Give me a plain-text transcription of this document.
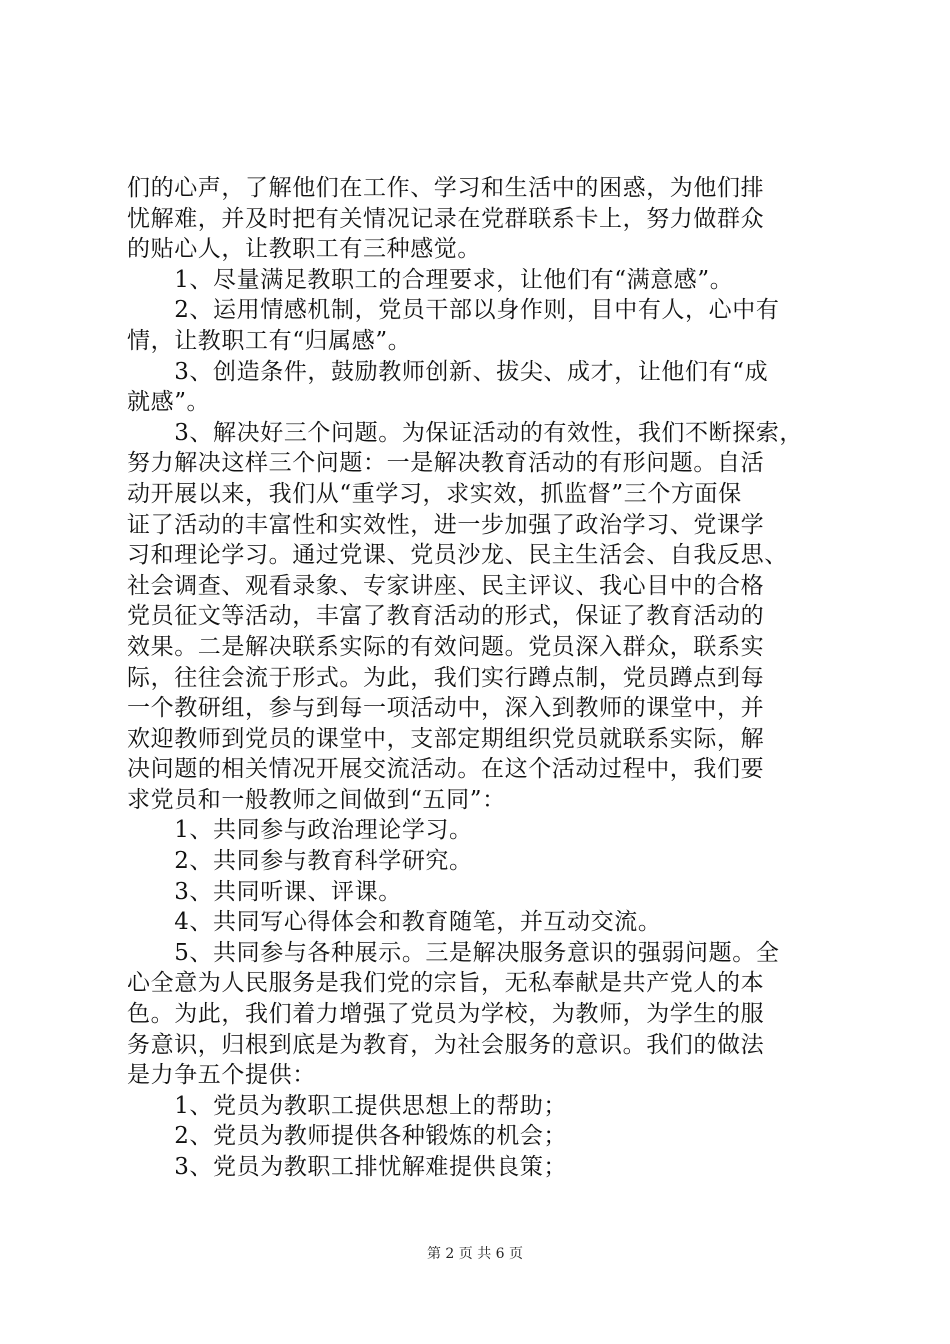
们的心声，了解他们在工作、学习和生活中的困惑，为他们排
忧解难，并及时把有关情况记录在党群联系卡上，努力做群众
的贴心人，让教职工有三种感觉。
　　1、尽量满足教职工的合理要求，让他们有“满意感”。
　　2、运用情感机制，党员干部以身作则，目中有人，心中有
情，让教职工有“归属感”。
　　3、创造条件，鼓励教师创新、拔尖、成才，让他们有“成
就感”。
　　3、解决好三个问题。为保证活动的有效性，我们不断探索，
努力解决这样三个问题：一是解决教育活动的有形问题。自活
动开展以来，我们从“重学习，求实效，抓监督”三个方面保
证了活动的丰富性和实效性，进一步加强了政治学习、党课学
习和理论学习。通过党课、党员沙龙、民主生活会、自我反思、
社会调查、观看录象、专家讲座、民主评议、我心目中的合格
党员征文等活动，丰富了教育活动的形式，保证了教育活动的
效果。二是解决联系实际的有效问题。党员深入群众，联系实
际，往往会流于形式。为此，我们实行蹲点制，党员蹲点到每
一个教研组，参与到每一项活动中，深入到教师的课堂中，并
欢迎教师到党员的课堂中，支部定期组织党员就联系实际，解
决问题的相关情况开展交流活动。在这个活动过程中，我们要
求党员和一般教师之间做到“五同”：
　　1、共同参与政治理论学习。
　　2、共同参与教育科学研究。
　　3、共同听课、评课。
　　4、共同写心得体会和教育随笔，并互动交流。
　　5、共同参与各种展示。三是解决服务意识的强弱问题。全
心全意为人民服务是我们党的宗旨，无私奉献是共产党人的本
色。为此，我们着力增强了党员为学校，为教师，为学生的服
务意识，归根到底是为教育，为社会服务的意识。我们的做法
是力争五个提供：
　　1、党员为教职工提供思想上的帮助；
　　2、党员为教师提供各种锻炼的机会；
　　3、党员为教职工排忧解难提供良策；
第 2 页 共 6 页
